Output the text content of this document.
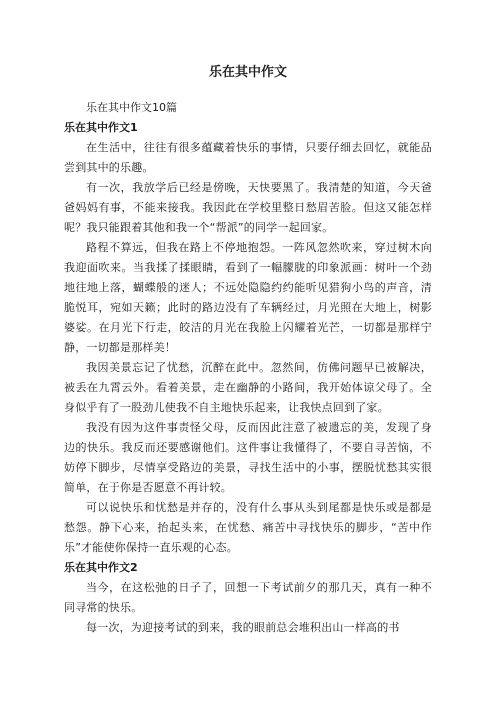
乐在其中作文

乐在其中作文10篇

乐在其中作文1

在生活中，往往有很多蕴藏着快乐的事情，只要仔细去回忆，就能品尝到其中的乐趣。

有一次，我放学后已经是傍晚，天快要黑了。我清楚的知道，今天爸爸妈妈有事，不能来接我。我因此在学校里整日愁眉苦脸。但这又能怎样呢？我只能跟着其他和我一个“帮派”的同学一起回家。

路程不算远，但我在路上不停地抱怨。一阵风忽然吹来，穿过树木向我迎面吹来。当我揉了揉眼睛，看到了一幅朦胧的印象派画：树叶一个劲地往地上落，蝴蝶般的迷人；不远处隐隐约约能听见猎狗小鸟的声音，清脆悦耳，宛如天籁；此时的路边没有了车辆经过，月光照在大地上，树影婆娑。在月光下行走，皎洁的月光在我脸上闪耀着光芒，一切都是那样宁静，一切都是那样美！

我因美景忘记了忧愁，沉醉在此中。忽然间，仿佛问题早已被解决，被丢在九霄云外。看着美景，走在幽静的小路间，我开始体谅父母了。全身似乎有了一股劲儿使我不自主地快乐起来，让我快点回到了家。

我没有因为这件事责怪父母，反而因此注意了被遗忘的美，发现了身边的快乐。我反而还要感谢他们。这件事让我懂得了，不要自寻苦恼，不妨停下脚步，尽情享受路边的美景，寻找生活中的小事，摆脱忧愁其实很简单，在于你是否愿意不再计较。

可以说快乐和忧愁是并存的，没有什么事从头到尾都是快乐或是都是愁怨。静下心来，抬起头来，在忧愁、痛苦中寻找快乐的脚步，“苦中作乐”才能使你保持一直乐观的心态。

乐在其中作文2

当今，在这松弛的日子了，回想一下考试前夕的那几天，真有一种不同寻常的快乐。

每一次，为迎接考试的到来，我的眼前总会堆积出山一样高的书
